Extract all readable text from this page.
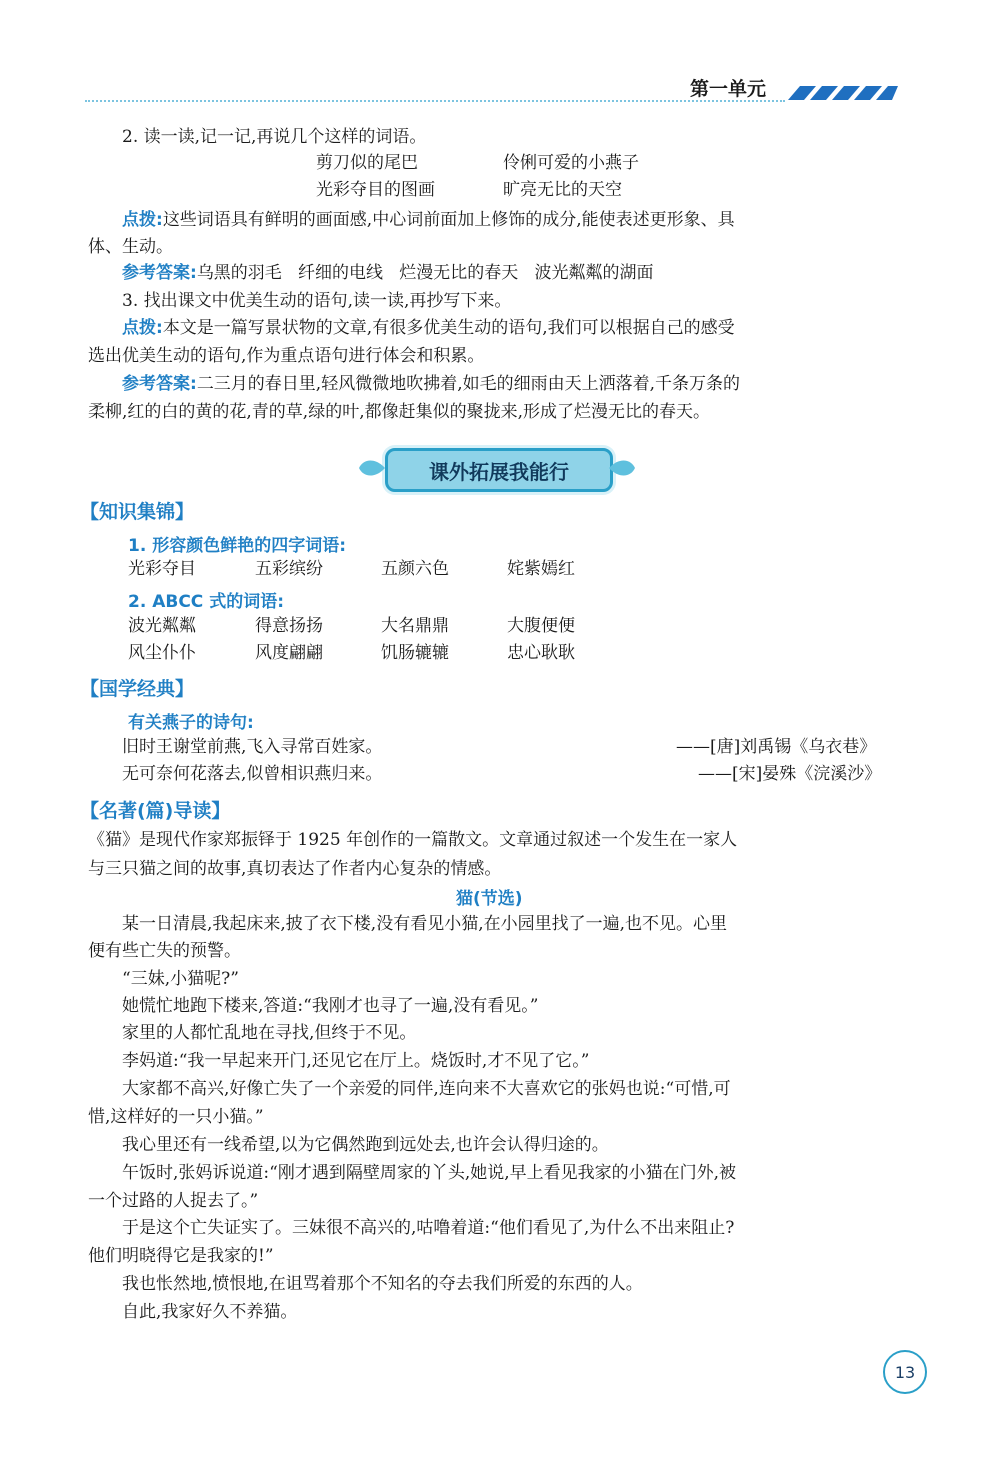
第一单元
2. 读一读,记一记,再说几个这样的词语。
剪刀似的尾巴	伶俐可爱的小燕子
光彩夺目的图画	旷亮无比的天空
点拨:这些词语具有鲜明的画面感,中心词前面加上修饰的成分,能使表述更形象、具
体、生动。
参考答案:乌黑的羽毛   纤细的电线   烂漫无比的春天   波光粼粼的湖面
3. 找出课文中优美生动的语句,读一读,再抄写下来。
点拨:本文是一篇写景状物的文章,有很多优美生动的语句,我们可以根据自己的感受
选出优美生动的语句,作为重点语句进行体会和积累。
参考答案:二三月的春日里,轻风微微地吹拂着,如毛的细雨由天上洒落着,千条万条的
柔柳,红的白的黄的花,青的草,绿的叶,都像赶集似的聚拢来,形成了烂漫无比的春天。
课外拓展我能行
【知识集锦】
1. 形容颜色鲜艳的四字词语:
光彩夺目	五彩缤纷	五颜六色	姹紫嫣红
2. ABCC 式的词语:
波光粼粼	得意扬扬	大名鼎鼎	大腹便便
风尘仆仆	风度翩翩	饥肠辘辘	忠心耿耿
【国学经典】
有关燕子的诗句:
旧时王谢堂前燕,飞入寻常百姓家。	——[唐]刘禹锡《乌衣巷》
无可奈何花落去,似曾相识燕归来。	——[宋]晏殊《浣溪沙》
【名著(篇)导读】
《猫》是现代作家郑振铎于 1925 年创作的一篇散文。文章通过叙述一个发生在一家人
与三只猫之间的故事,真切表达了作者内心复杂的情感。
猫(节选)
某一日清晨,我起床来,披了衣下楼,没有看见小猫,在小园里找了一遍,也不见。心里
便有些亡失的预警。
“三妹,小猫呢?”
她慌忙地跑下楼来,答道:“我刚才也寻了一遍,没有看见。”
家里的人都忙乱地在寻找,但终于不见。
李妈道:“我一早起来开门,还见它在厅上。烧饭时,才不见了它。”
大家都不高兴,好像亡失了一个亲爱的同伴,连向来不大喜欢它的张妈也说:“可惜,可
惜,这样好的一只小猫。”
我心里还有一线希望,以为它偶然跑到远处去,也许会认得归途的。
午饭时,张妈诉说道:“刚才遇到隔壁周家的丫头,她说,早上看见我家的小猫在门外,被
一个过路的人捉去了。”
于是这个亡失证实了。三妹很不高兴的,咕噜着道:“他们看见了,为什么不出来阻止?
他们明晓得它是我家的!”
我也怅然地,愤恨地,在诅骂着那个不知名的夺去我们所爱的东西的人。
自此,我家好久不养猫。
13
